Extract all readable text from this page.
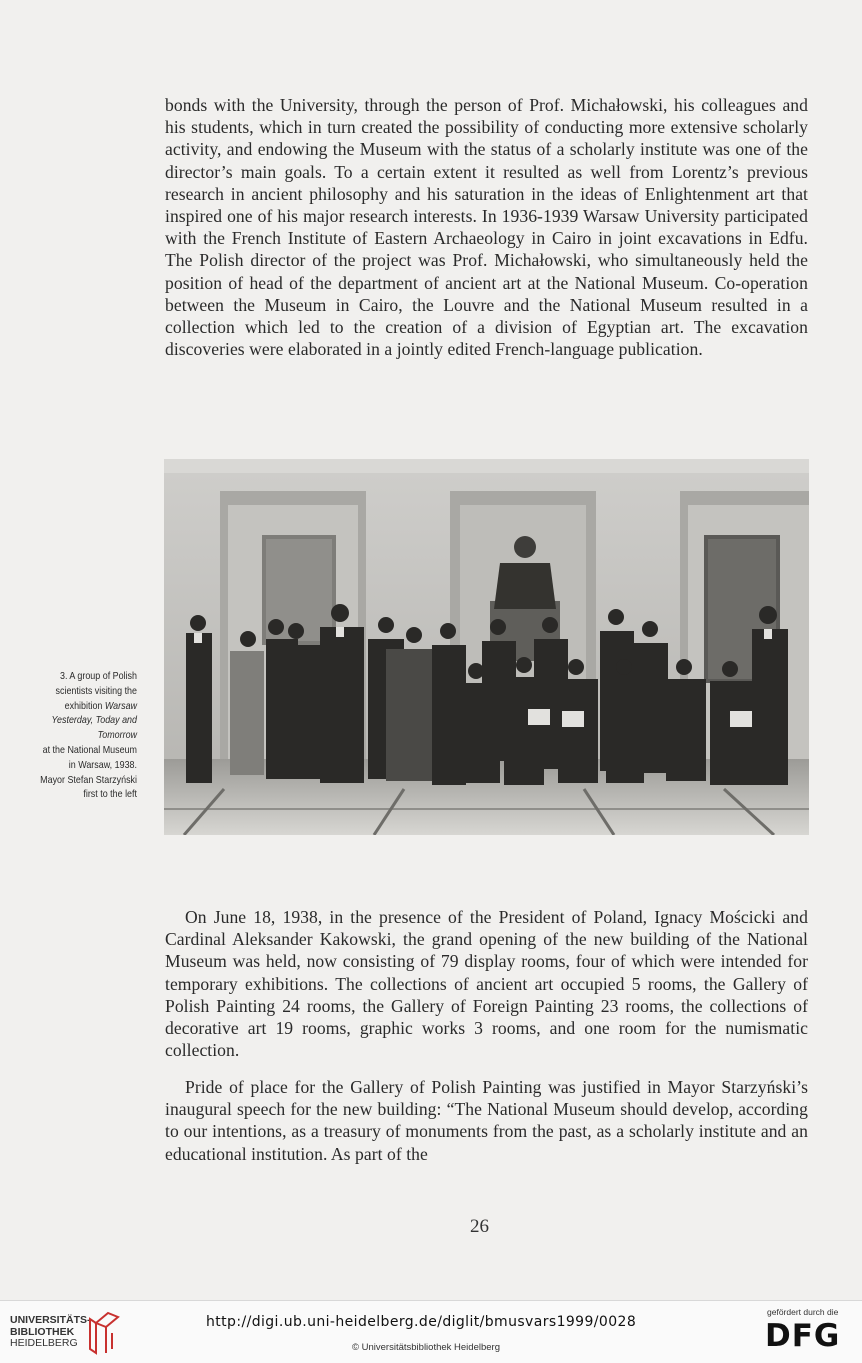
bonds with the University, through the person of Prof. Michałowski, his colleagues and his students, which in turn created the possibility of conducting more extensive scholarly activity, and endowing the Museum with the status of a scholarly institute was one of the director’s main goals. To a certain extent it resulted as well from Lorentz’s previous research in ancient philosophy and his saturation in the ideas of Enlightenment art that inspired one of his major research interests. In 1936-1939 Warsaw University participated with the French Institute of Eastern Archaeology in Cairo in joint excavations in Edfu. The Polish director of the project was Prof. Michałowski, who simultaneously held the position of head of the department of ancient art at the National Museum. Co-operation between the Museum in Cairo, the Louvre and the National Museum resulted in a collection which led to the creation of a division of Egyptian art. The excavation discoveries were elaborated in a jointly edited French-language publication.

3. A group of Polish
scientists visiting the
exhibition Warsaw
Yesterday, Today and
Tomorrow
at the National Museum
in Warsaw, 1938.
Mayor Stefan Starzyński
first to the left

On June 18, 1938, in the presence of the President of Poland, Ignacy Mościcki and Cardinal Aleksander Kakowski, the grand opening of the new building of the National Museum was held, now consisting of 79 display rooms, four of which were intended for temporary exhibitions. The collections of ancient art occupied 5 rooms, the Gallery of Polish Painting 24 rooms, the Gallery of Foreign Painting 23 rooms, the collections of decorative art 19 rooms, graphic works 3 rooms, and one room for the numismatic collection.

Pride of place for the Gallery of Polish Painting was justified in Mayor Starzyński’s inaugural speech for the new building: “The National Museum should develop, according to our intentions, as a treasury of monuments from the past, as a scholarly institute and an educational institution. As part of the

26
UNIVERSITÄTS-
BIBLIOTHEK
HEIDELBERG
http://digi.ub.uni-heidelberg.de/diglit/bmusvars1999/0028
© Universitätsbibliothek Heidelberg
gefördert durch die
DFG
